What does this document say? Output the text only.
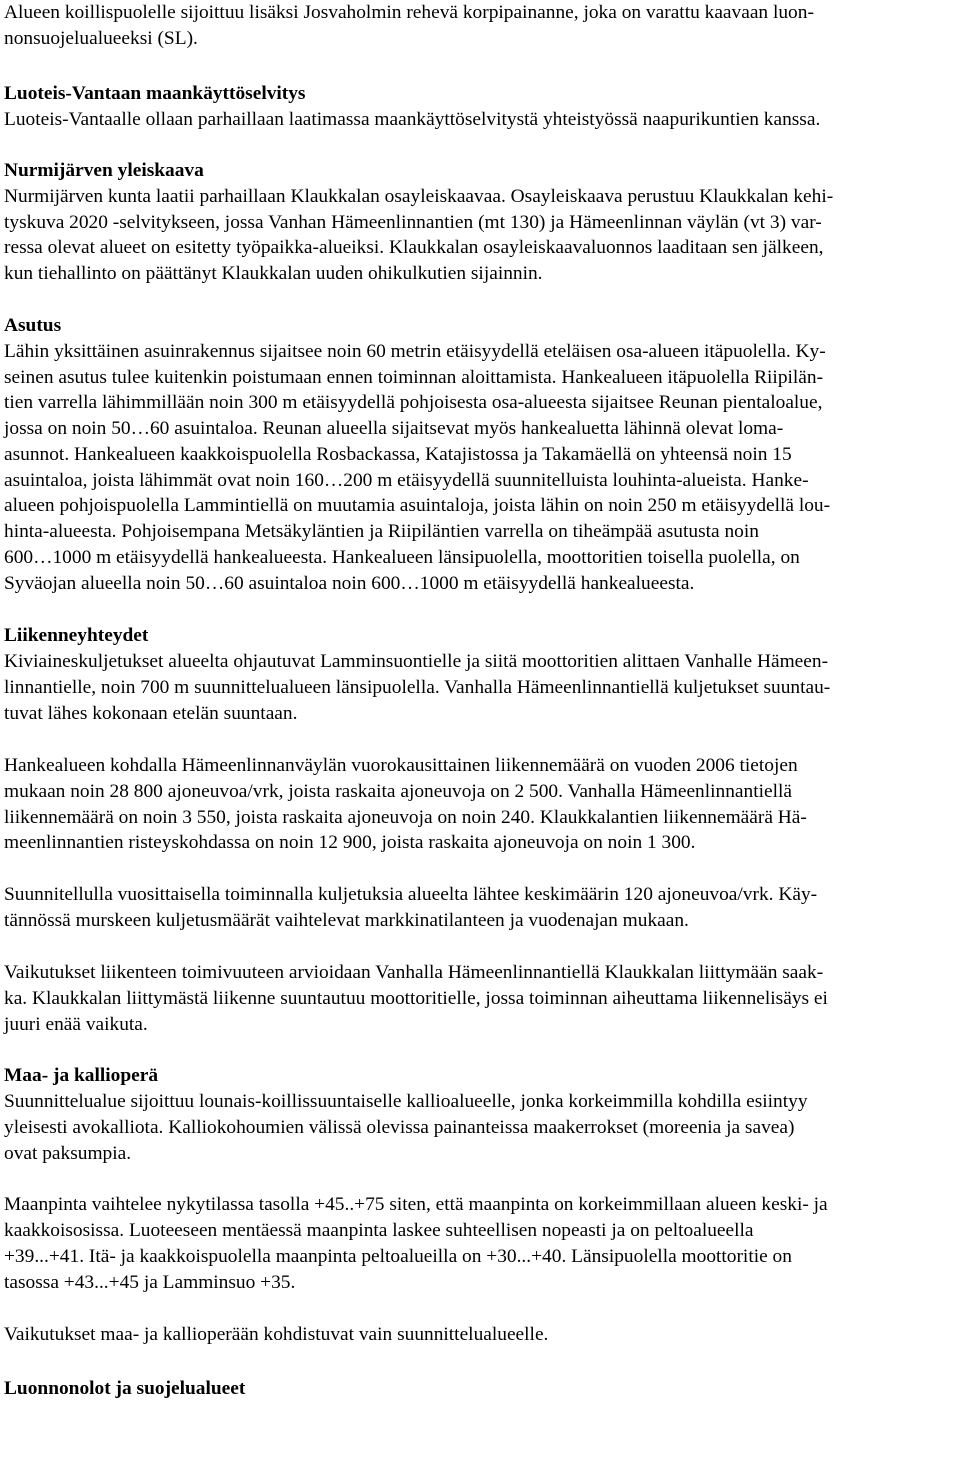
Alueen koillispuolelle sijoittuu lisäksi Josvaholmin rehevä korpipainanne, joka on varattu kaavaan luon-
nonsuojelualueeksi (SL).
Luoteis-Vantaan maankäyttöselvitys
Luoteis-Vantaalle ollaan parhaillaan laatimassa maankäyttöselvitystä yhteistyössä naapurikuntien kanssa.
Nurmijärven yleiskaava
Nurmijärven kunta laatii parhaillaan Klaukkalan osayleiskaavaa. Osayleiskaava perustuu Klaukkalan kehi-
tyskuva 2020 -selvitykseen, jossa Vanhan Hämeenlinnantien (mt 130) ja Hämeenlinnan väylän (vt 3) var-
ressa olevat alueet on esitetty työpaikka-alueiksi. Klaukkalan osayleiskaavaluonnos laaditaan sen jälkeen,
kun tiehallinto on päättänyt Klaukkalan uuden ohikulkutien sijainnin.
Asutus
Lähin yksittäinen asuinrakennus sijaitsee noin 60 metrin etäisyydellä eteläisen osa-alueen itäpuolella. Ky-
seinen asutus tulee kuitenkin poistumaan ennen toiminnan aloittamista. Hankealueen itäpuolella Riipilän-
tien varrella lähimmillään noin 300 m etäisyydellä pohjoisesta osa-alueesta sijaitsee Reunan pientaloalue,
jossa on noin 50…60 asuintaloa. Reunan alueella sijaitsevat myös hankealuetta lähinnä olevat loma-
asunnot. Hankealueen kaakkoispuolella Rosbackassa, Katajistossa ja Takamäellä on yhteensä noin 15
asuintaloa, joista lähimmät ovat noin 160…200 m etäisyydellä suunnitelluista louhinta-alueista. Hanke-
alueen pohjoispuolella Lammintiellä on muutamia asuintaloja, joista lähin on noin 250 m etäisyydellä lou-
hinta-alueesta. Pohjoisempana Metsäkyläntien ja Riipiläntien varrella on tiheämpää asutusta noin
600…1000 m etäisyydellä hankealueesta. Hankealueen länsipuolella, moottoritien toisella puolella, on
Syväojan alueella noin 50…60 asuintaloa noin 600…1000 m etäisyydellä hankealueesta.
Liikenneyhteydet
Kiviaineskuljetukset alueelta ohjautuvat Lamminsuontielle ja siitä moottoritien alittaen Vanhalle Hämeen-
linnantielle, noin 700 m suunnittelualueen länsipuolella. Vanhalla Hämeenlinnantiellä kuljetukset suuntau-
tuvat lähes kokonaan etelän suuntaan.
Hankealueen kohdalla Hämeenlinnanväylän vuorokausittainen liikennemäärä on vuoden 2006 tietojen
mukaan noin 28 800 ajoneuvoa/vrk, joista raskaita ajoneuvoja on 2 500. Vanhalla Hämeenlinnantiellä
liikennemäärä on noin 3 550, joista raskaita ajoneuvoja on noin 240. Klaukkalantien liikennemäärä Hä-
meenlinnantien risteyskohdassa on noin 12 900, joista raskaita ajoneuvoja on noin 1 300.
Suunnitellulla vuosittaisella toiminnalla kuljetuksia alueelta lähtee keskimäärin 120 ajoneuvoa/vrk. Käy-
tännössä murskeen kuljetusmäärät vaihtelevat markkinatilanteen ja vuodenajan mukaan.
Vaikutukset liikenteen toimivuuteen arvioidaan Vanhalla Hämeenlinnantiellä Klaukkalan liittymään saak-
ka. Klaukkalan liittymästä liikenne suuntautuu moottoritielle, jossa toiminnan aiheuttama liikennelisäys ei
juuri enää vaikuta.
Maa- ja kallioperä
Suunnittelualue sijoittuu lounais-koillissuuntaiselle kallioalueelle, jonka korkeimmilla kohdilla esiintyy
yleisesti avokalliota. Kalliokohoumien välissä olevissa painanteissa maakerrokset (moreenia ja savea)
ovat paksumpia.
Maanpinta vaihtelee nykytilassa tasolla +45..+75 siten, että maanpinta on korkeimmillaan alueen keski- ja
kaakkoisosissa. Luoteeseen mentäessä maanpinta laskee suhteellisen nopeasti ja on peltoalueella
+39...+41. Itä- ja kaakkoispuolella maanpinta peltoalueilla on +30...+40. Länsipuolella moottoritie on
tasossa +43...+45 ja Lamminsuo +35.
Vaikutukset maa- ja kallioperään kohdistuvat vain suunnittelualueelle.
Luonnonolot ja suojelualueet
